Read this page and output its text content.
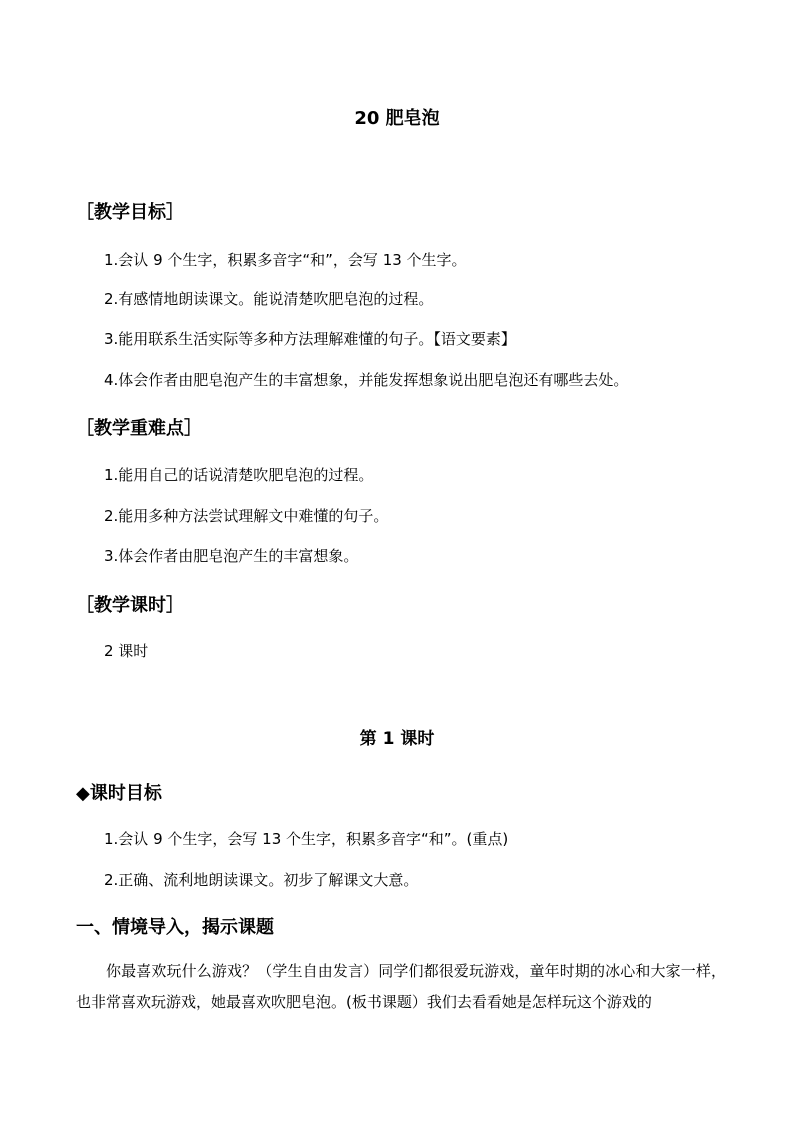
20 肥皂泡
［教学目标］
1.会认 9 个生字，积累多音字“和”，会写 13 个生字。
2.有感情地朗读课文。能说清楚吹肥皂泡的过程。
3.能用联系生活实际等多种方法理解难懂的句子。【语文要素】
4.体会作者由肥皂泡产生的丰富想象，并能发挥想象说出肥皂泡还有哪些去处。
［教学重难点］
1.能用自己的话说清楚吹肥皂泡的过程。
2.能用多种方法尝试理解文中难懂的句子。
3.体会作者由肥皂泡产生的丰富想象。
［教学课时］
2 课时
第 1 课时
◆课时目标
1.会认 9 个生字，会写 13 个生字，积累多音字“和”。(重点)
2.正确、流利地朗读课文。初步了解课文大意。
一、情境导入，揭示课题
你最喜欢玩什么游戏？（学生自由发言）同学们都很爱玩游戏，童年时期的冰心和大家一样，也非常喜欢玩游戏，她最喜欢吹肥皂泡。(板书课题）我们去看看她是怎样玩这个游戏的
